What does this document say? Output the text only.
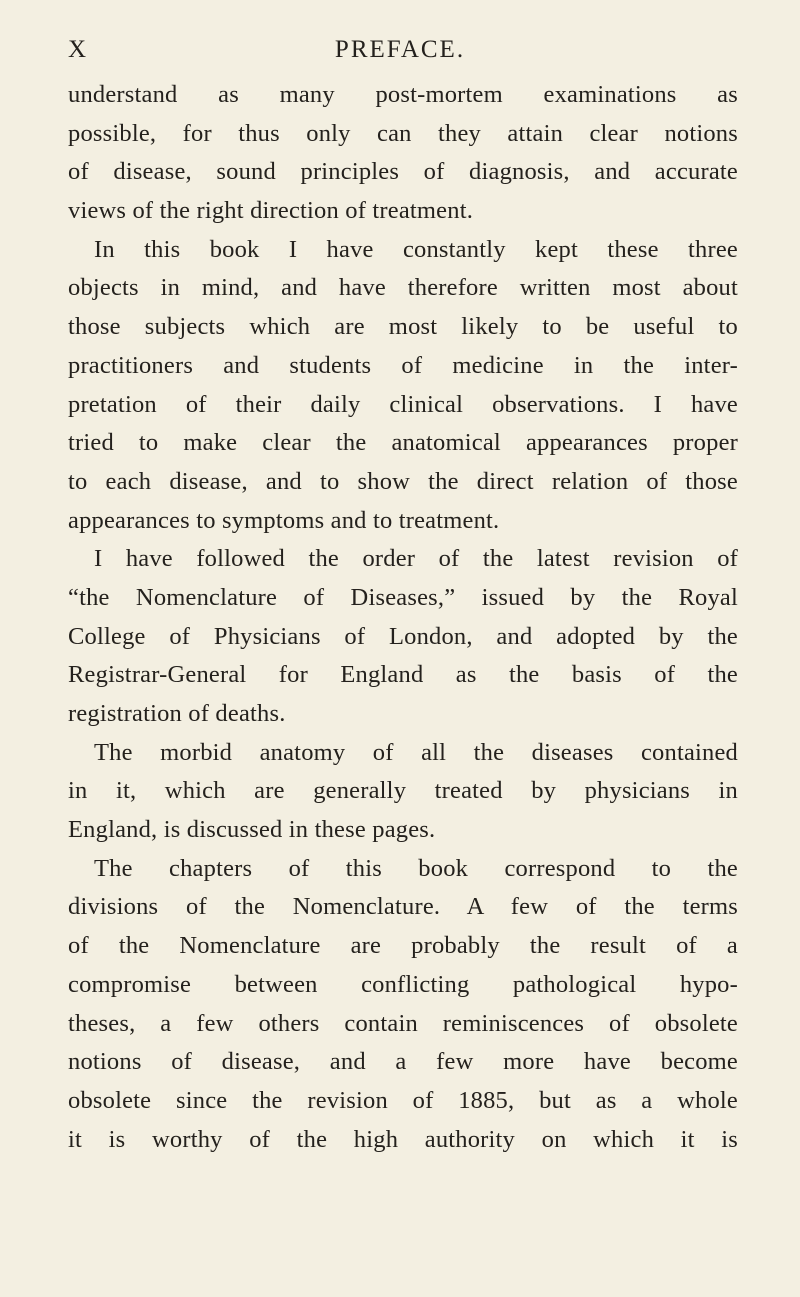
X	PREFACE.
understand as many post-mortem examinations as
possible, for thus only can they attain clear notions
of disease, sound principles of diagnosis, and accurate
views of the right direction of treatment.
In this book I have constantly kept these three
objects in mind, and have therefore written most about
those subjects which are most likely to be useful to
practitioners and students of medicine in the inter-
pretation of their daily clinical observations. I have
tried to make clear the anatomical appearances proper
to each disease, and to show the direct relation of those
appearances to symptoms and to treatment.
I have followed the order of the latest revision of
“the Nomenclature of Diseases,” issued by the Royal
College of Physicians of London, and adopted by the
Registrar-General for England as the basis of the
registration of deaths.
The morbid anatomy of all the diseases contained
in it, which are generally treated by physicians in
England, is discussed in these pages.
The chapters of this book correspond to the
divisions of the Nomenclature. A few of the terms
of the Nomenclature are probably the result of a
compromise between conflicting pathological hypo-
theses, a few others contain reminiscences of obsolete
notions of disease, and a few more have become
obsolete since the revision of 1885, but as a whole
it is worthy of the high authority on which it is
